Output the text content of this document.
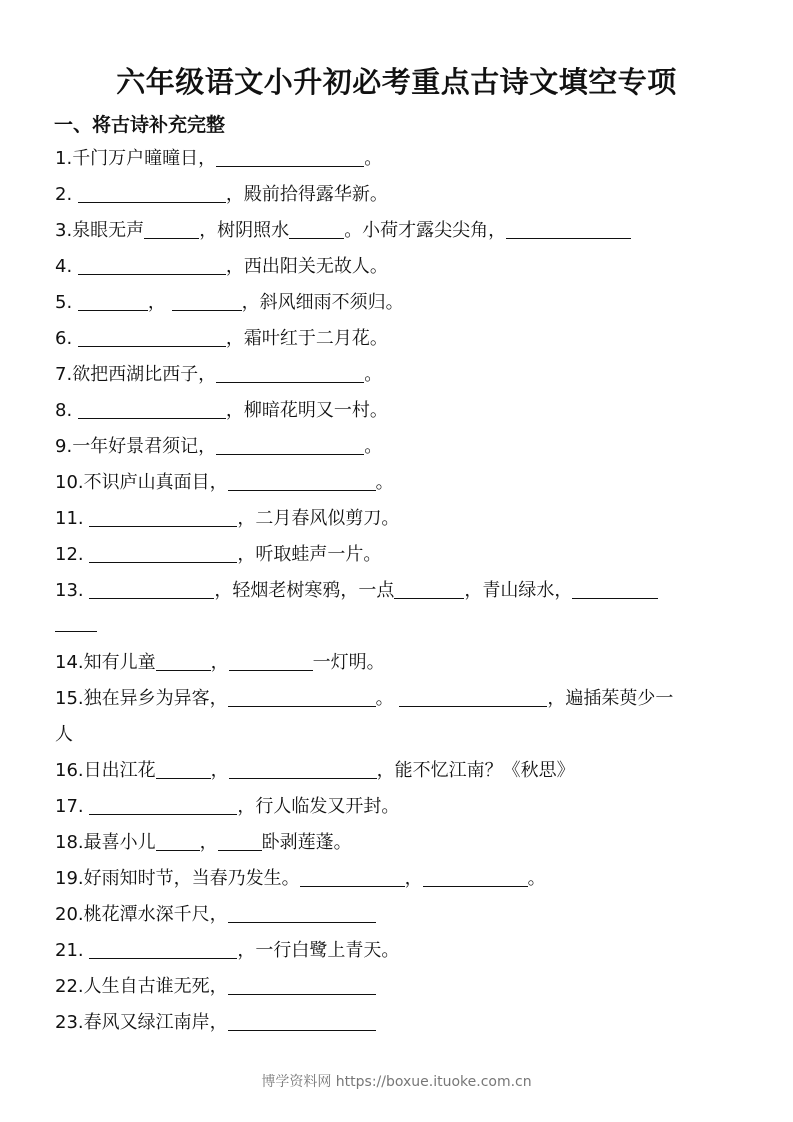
六年级语文小升初必考重点古诗文填空专项
一、将古诗补充完整
1.千门万户曈曈日，	。
2.	，殿前拾得露华新。
3.泉眼无声	，树阴照水	。小荷才露尖尖角，
4.	，西出阳关无故人。
5.	，	，斜风细雨不须归。
6.	，霜叶红于二月花。
7.欲把西湖比西子，	。
8.	，柳暗花明又一村。
9.一年好景君须记，	。
10.不识庐山真面目，	。
11.	，二月春风似剪刀。
12.	，听取蛙声一片。
13.	，轻烟老树寒鸦，一点	，青山绿水，
14.知有儿童	，	一灯明。
15.独在异乡为异客，	。	，遍插茱萸少一
人
16.日出江花	，	，能不忆江南？《秋思》
17.	，行人临发又开封。
18.最喜小儿 ， 卧剥莲蓬。
19.好雨知时节，当春乃发生。	，	。
20.桃花潭水深千尺，
21.	，一行白鹭上青天。
22.人生自古谁无死，
23.春风又绿江南岸，
博学资料网 https://boxue.ituoke.com.cn
